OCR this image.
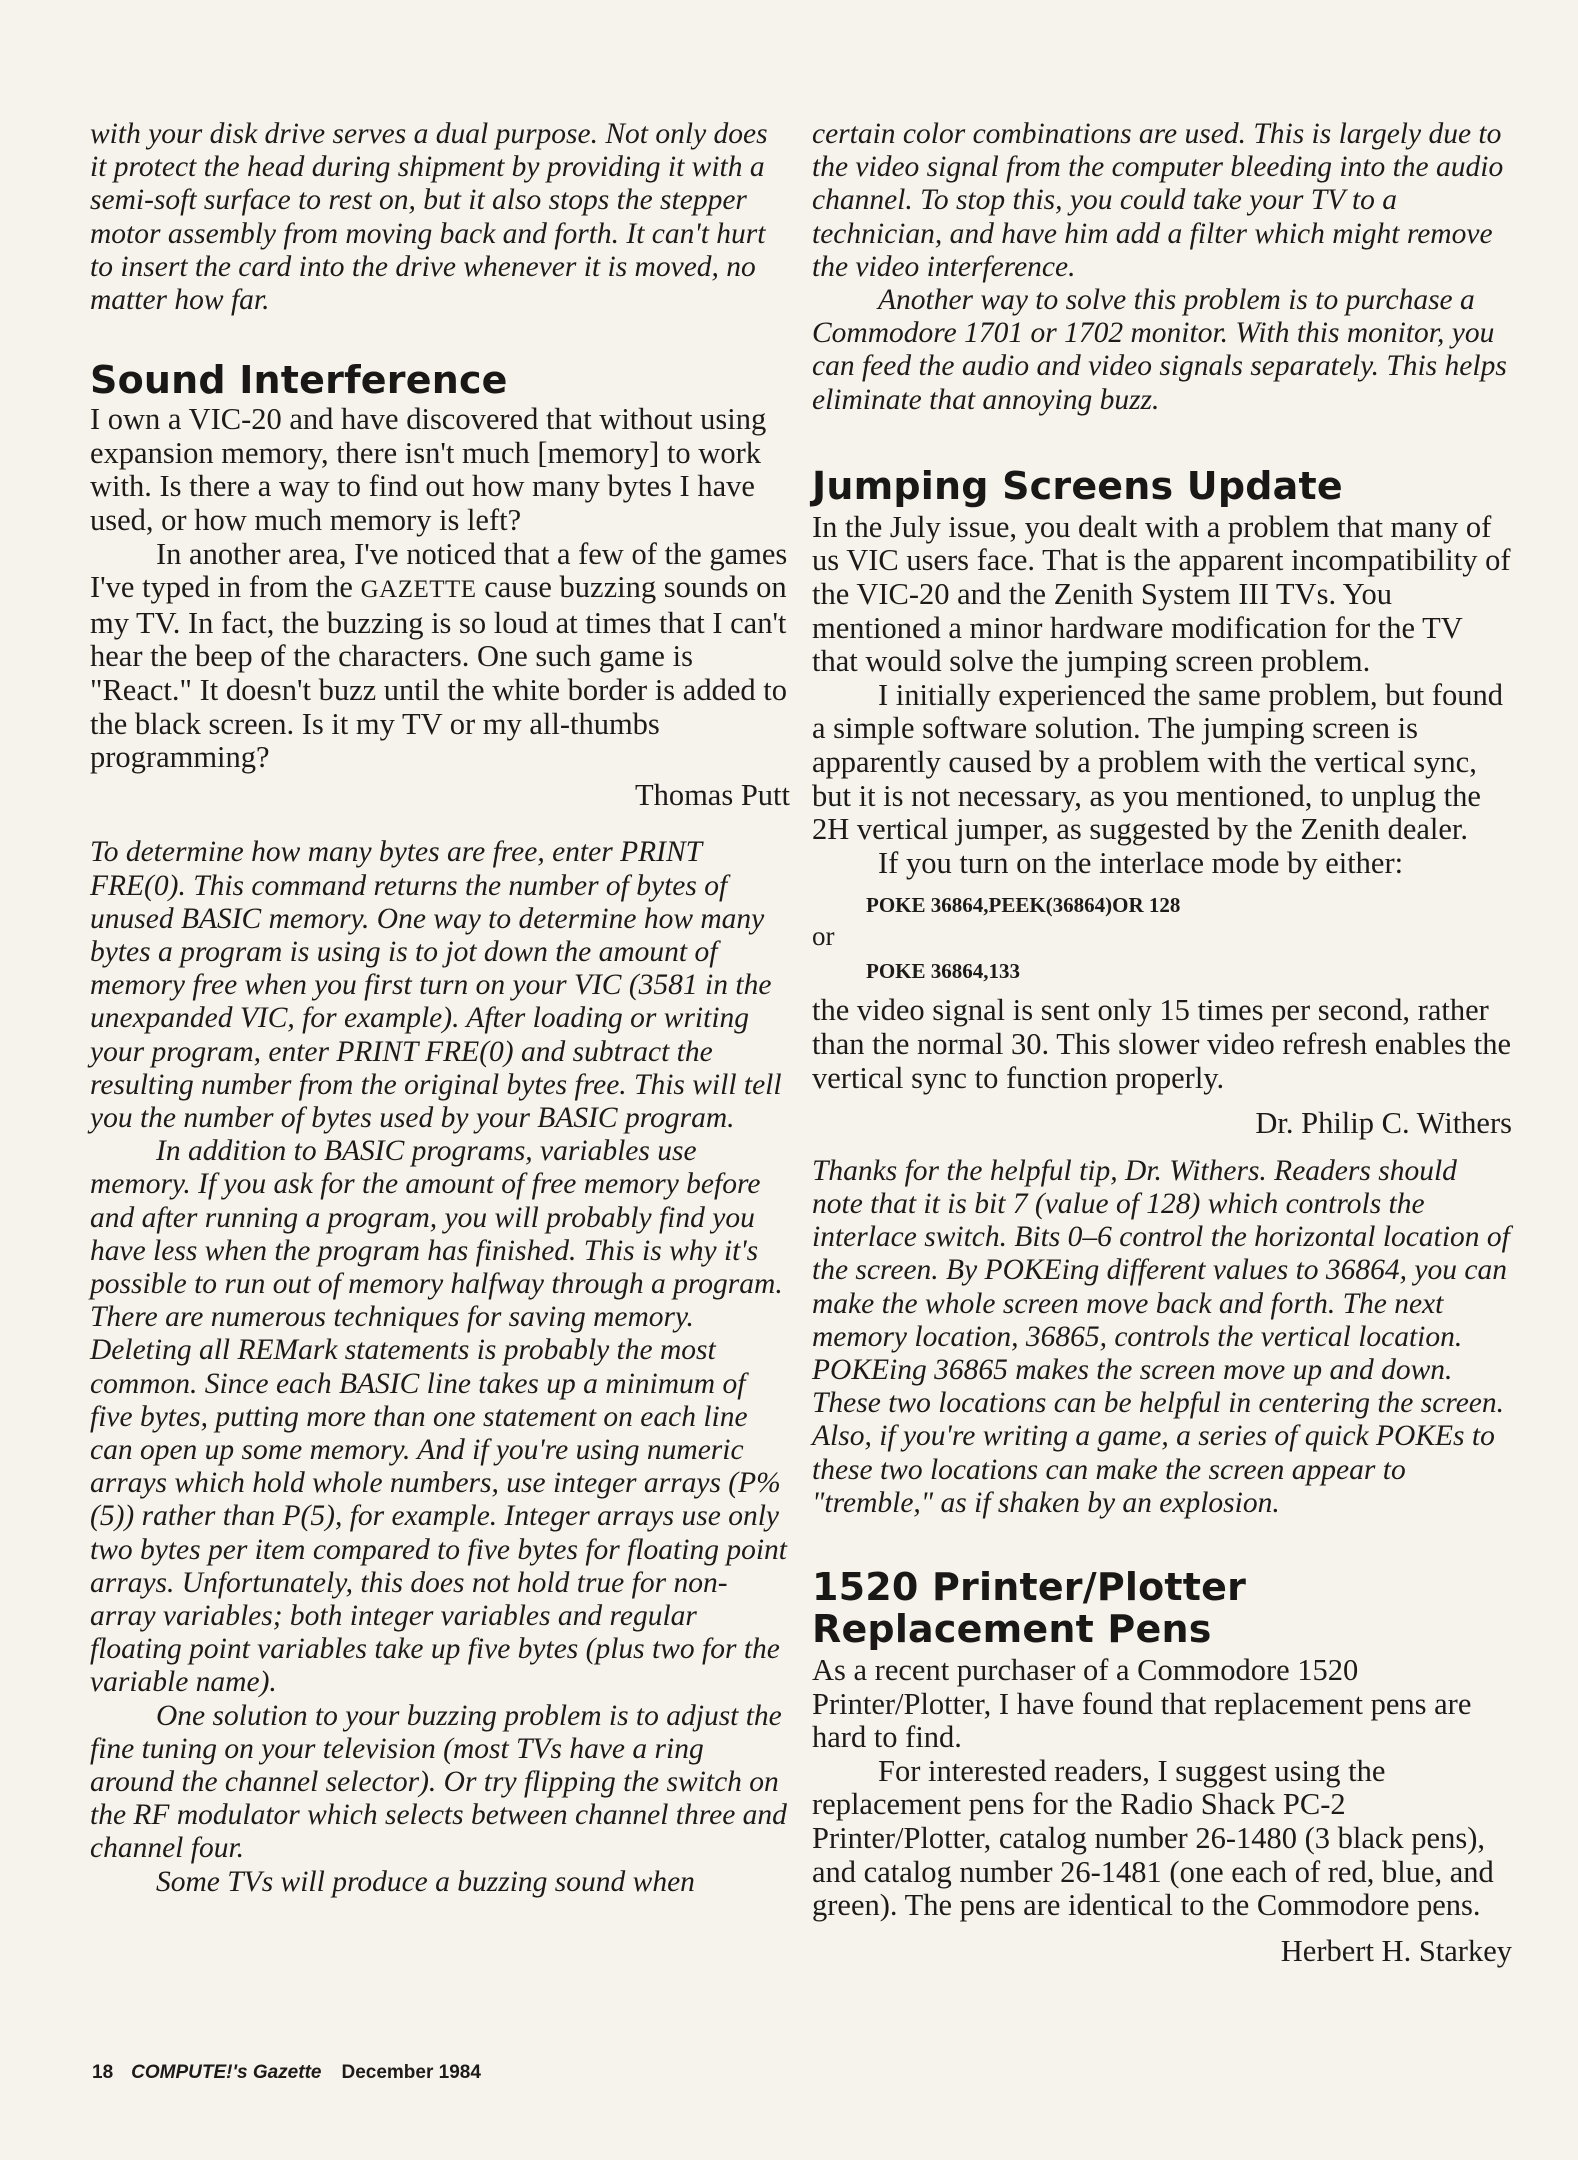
with your disk drive serves a dual purpose. Not only does it protect the head during shipment by providing it with a semi-soft surface to rest on, but it also stops the stepper motor assembly from moving back and forth. It can't hurt to insert the card into the drive whenever it is moved, no matter how far.

Sound Interference

I own a VIC-20 and have discovered that without using expansion memory, there isn't much [memory] to work with. Is there a way to find out how many bytes I have used, or how much memory is left?

In another area, I've noticed that a few of the games I've typed in from the GAZETTE cause buzzing sounds on my TV. In fact, the buzzing is so loud at times that I can't hear the beep of the characters. One such game is "React." It doesn't buzz until the white border is added to the black screen. Is it my TV or my all-thumbs programming?

Thomas Putt

To determine how many bytes are free, enter PRINT FRE(0). This command returns the number of bytes of unused BASIC memory. One way to determine how many bytes a program is using is to jot down the amount of memory free when you first turn on your VIC (3581 in the unexpanded VIC, for example). After loading or writing your program, enter PRINT FRE(0) and subtract the resulting number from the original bytes free. This will tell you the number of bytes used by your BASIC program.

In addition to BASIC programs, variables use memory. If you ask for the amount of free memory before and after running a program, you will probably find you have less when the program has finished. This is why it's possible to run out of memory halfway through a program. There are numerous techniques for saving memory. Deleting all REMark statements is probably the most common. Since each BASIC line takes up a minimum of five bytes, putting more than one statement on each line can open up some memory. And if you're using numeric arrays which hold whole numbers, use integer arrays (P%(5)) rather than P(5), for example. Integer arrays use only two bytes per item compared to five bytes for floating point arrays. Unfortunately, this does not hold true for non-array variables; both integer variables and regular floating point variables take up five bytes (plus two for the variable name).

One solution to your buzzing problem is to adjust the fine tuning on your television (most TVs have a ring around the channel selector). Or try flipping the switch on the RF modulator which selects between channel three and channel four.

Some TVs will produce a buzzing sound when

certain color combinations are used. This is largely due to the video signal from the computer bleeding into the audio channel. To stop this, you could take your TV to a technician, and have him add a filter which might remove the video interference.

Another way to solve this problem is to purchase a Commodore 1701 or 1702 monitor. With this monitor, you can feed the audio and video signals separately. This helps eliminate that annoying buzz.

Jumping Screens Update

In the July issue, you dealt with a problem that many of us VIC users face. That is the apparent incompatibility of the VIC-20 and the Zenith System III TVs. You mentioned a minor hardware modification for the TV that would solve the jumping screen problem.

I initially experienced the same problem, but found a simple software solution. The jumping screen is apparently caused by a problem with the vertical sync, but it is not necessary, as you mentioned, to unplug the 2H vertical jumper, as suggested by the Zenith dealer.

If you turn on the interlace mode by either:

POKE 36864,PEEK(36864)OR 128

or

POKE 36864,133

the video signal is sent only 15 times per second, rather than the normal 30. This slower video refresh enables the vertical sync to function properly.

Dr. Philip C. Withers

Thanks for the helpful tip, Dr. Withers. Readers should note that it is bit 7 (value of 128) which controls the interlace switch. Bits 0–6 control the horizontal location of the screen. By POKEing different values to 36864, you can make the whole screen move back and forth. The next memory location, 36865, controls the vertical location. POKEing 36865 makes the screen move up and down. These two locations can be helpful in centering the screen. Also, if you're writing a game, a series of quick POKEs to these two locations can make the screen appear to "tremble," as if shaken by an explosion.

1520 Printer/Plotter
Replacement Pens

As a recent purchaser of a Commodore 1520 Printer/Plotter, I have found that replacement pens are hard to find.

For interested readers, I suggest using the replacement pens for the Radio Shack PC-2 Printer/Plotter, catalog number 26-1480 (3 black pens), and catalog number 26-1481 (one each of red, blue, and green). The pens are identical to the Commodore pens.

Herbert H. Starkey

18 COMPUTE!'s Gazette December 1984
